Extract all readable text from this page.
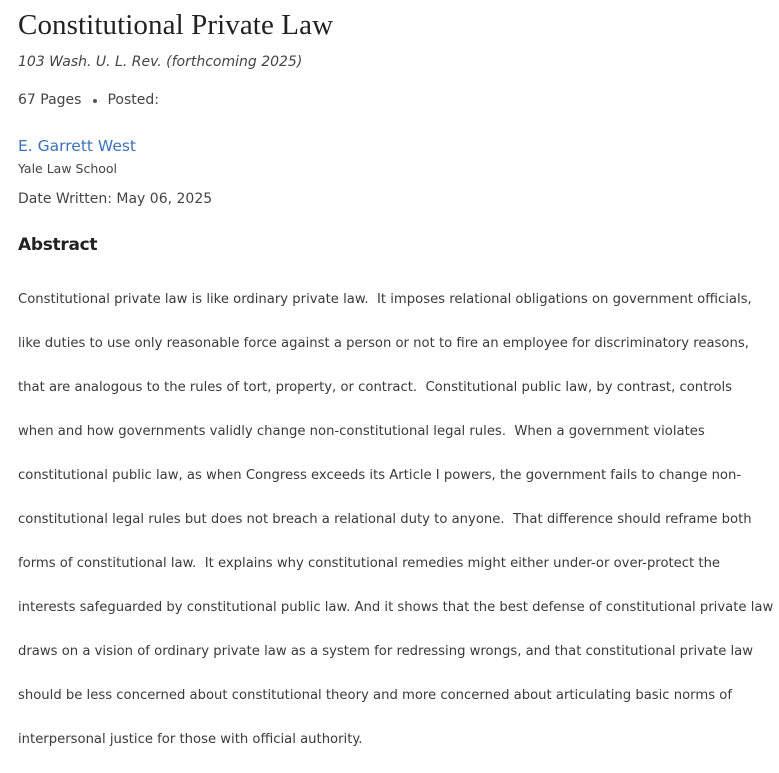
Constitutional Private Law
103 Wash. U. L. Rev. (forthcoming 2025)
67 Pages Posted:
E. Garrett West
Yale Law School
Date Written: May 06, 2025
Abstract

Constitutional private law is like ordinary private law.  It imposes relational obligations on government officials,

like duties to use only reasonable force against a person or not to fire an employee for discriminatory reasons,

that are analogous to the rules of tort, property, or contract.  Constitutional public law, by contrast, controls

when and how governments validly change non-constitutional legal rules.  When a government violates

constitutional public law, as when Congress exceeds its Article I powers, the government fails to change non-

constitutional legal rules but does not breach a relational duty to anyone.  That difference should reframe both

forms of constitutional law.  It explains why constitutional remedies might either under-or over-protect the

interests safeguarded by constitutional public law. And it shows that the best defense of constitutional private law

draws on a vision of ordinary private law as a system for redressing wrongs, and that constitutional private law

should be less concerned about constitutional theory and more concerned about articulating basic norms of

interpersonal justice for those with official authority.
